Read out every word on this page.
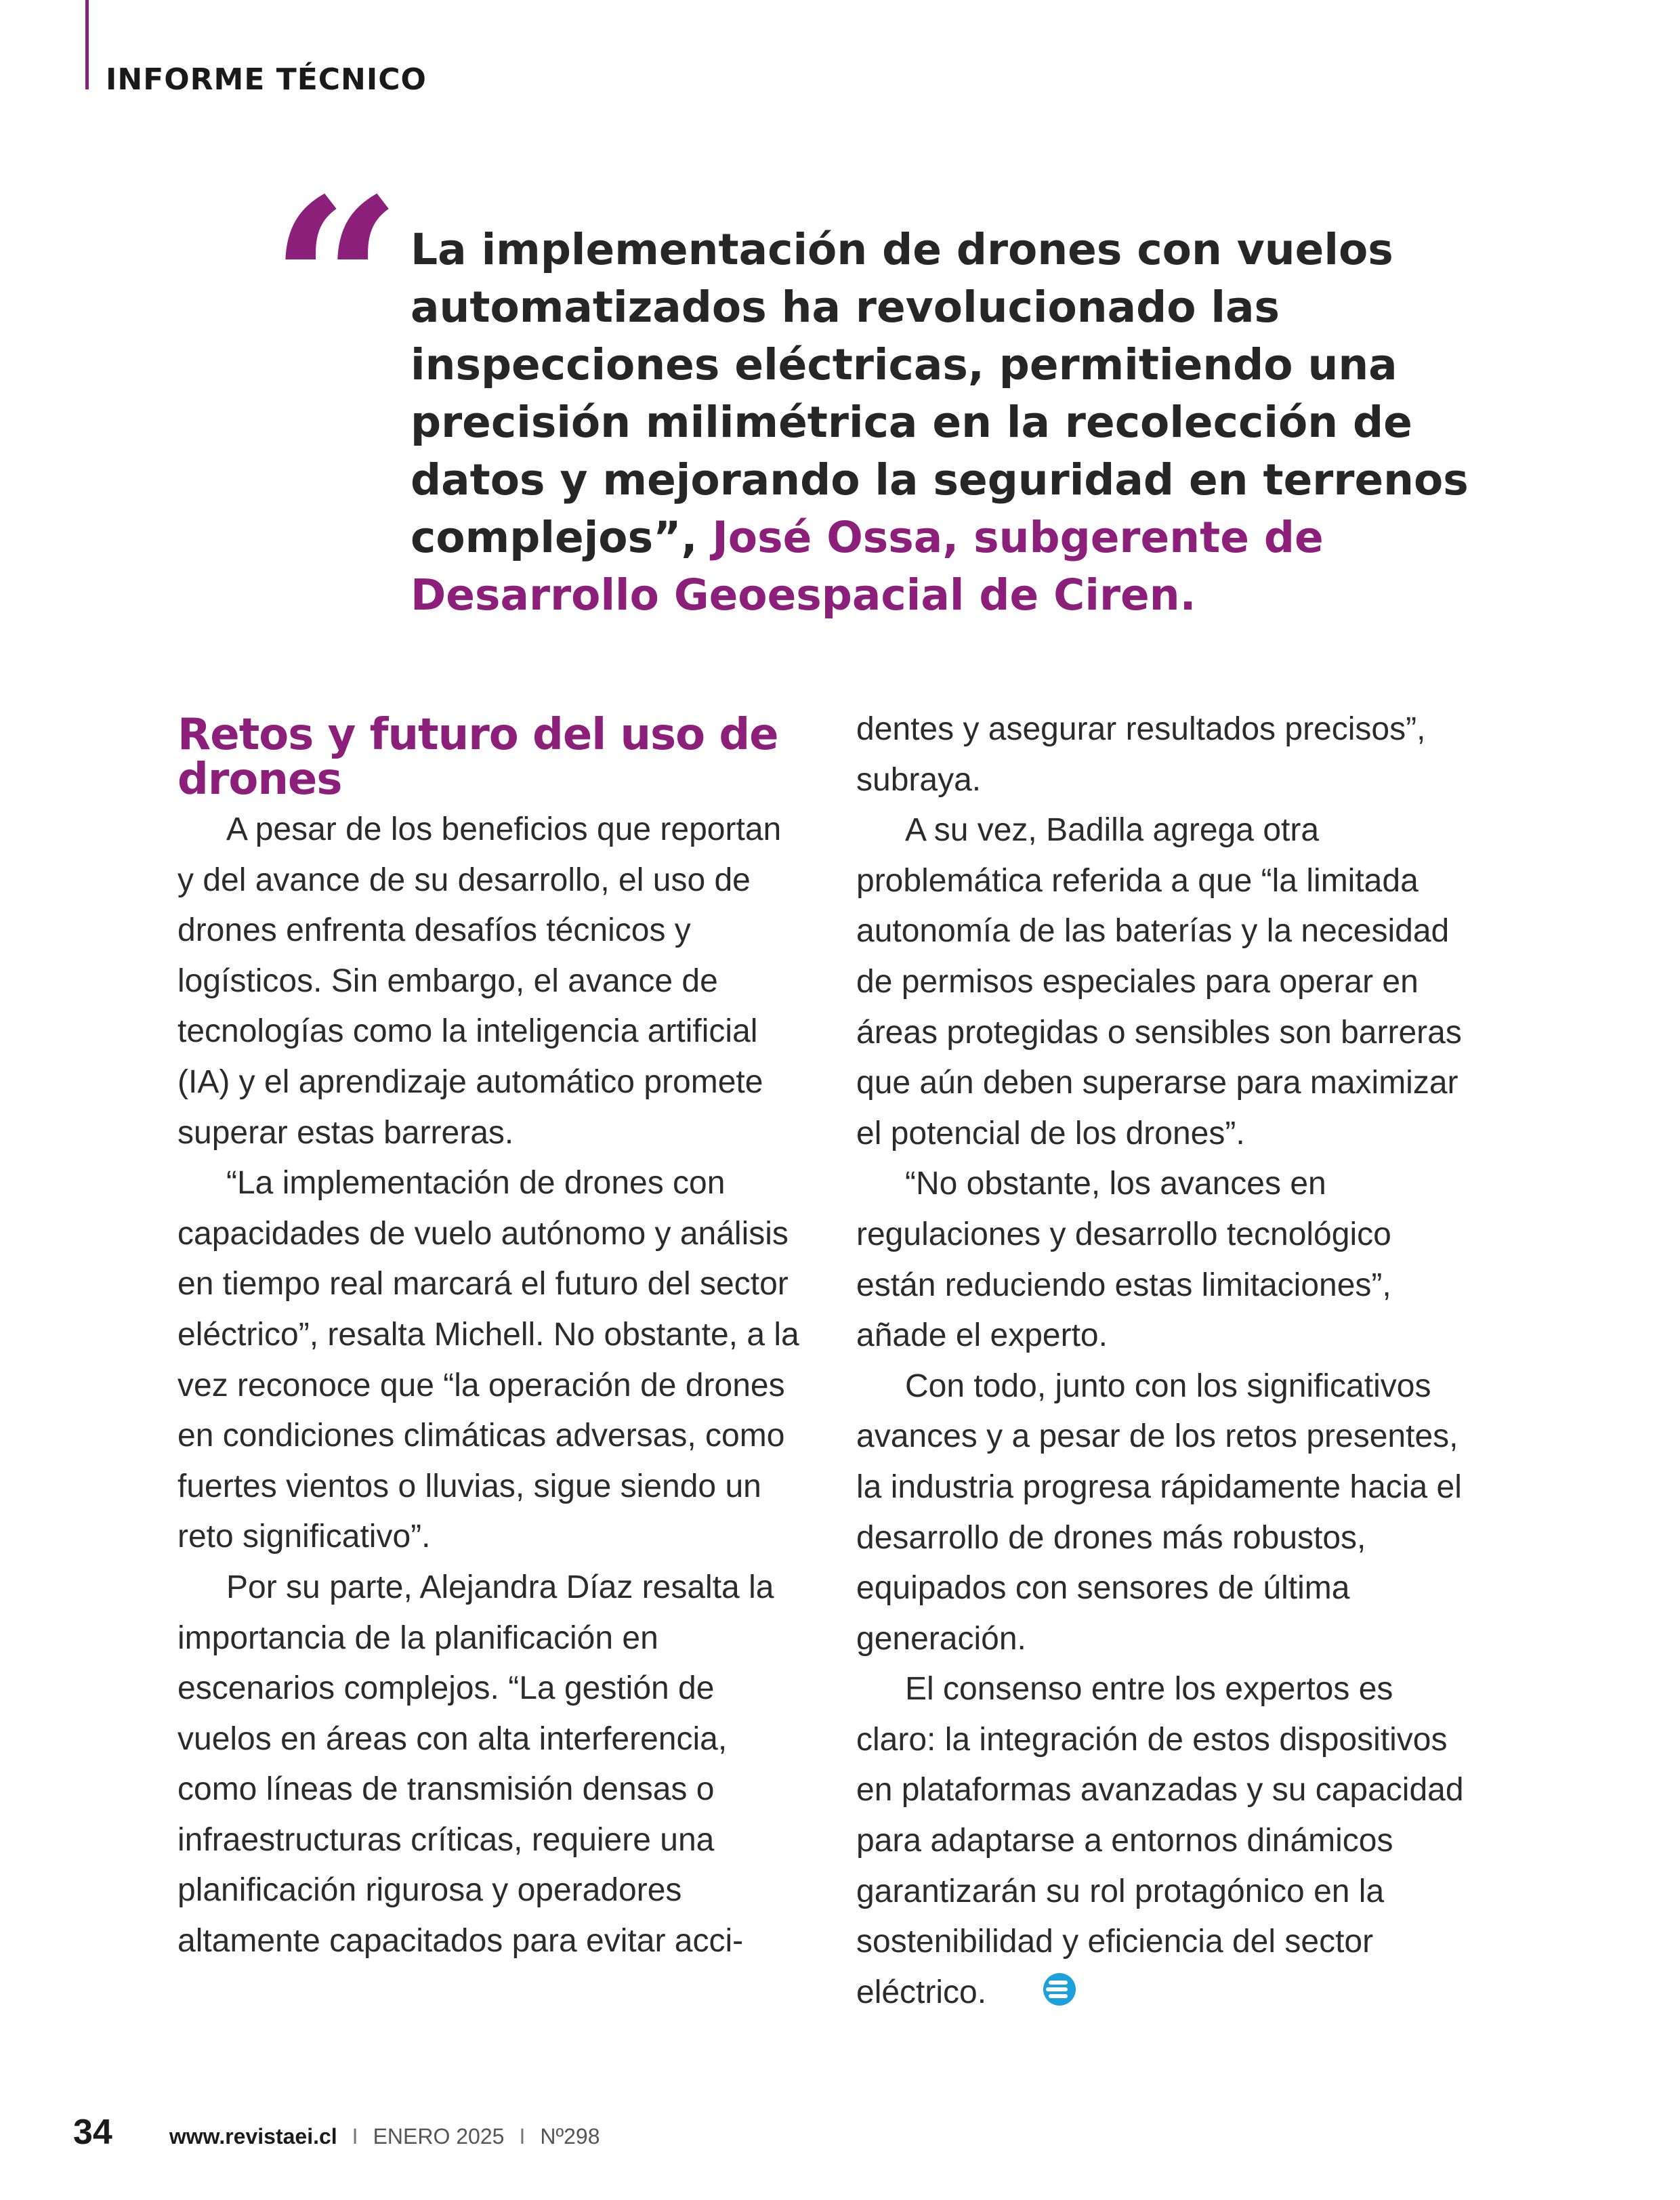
INFORME TÉCNICO
“ La implementación de drones con vuelos automatizados ha revolucionado las inspecciones eléctricas, permitiendo una precisión milimétrica en la recolección de datos y mejorando la seguridad en terrenos complejos”, José Ossa, subgerente de Desarrollo Geoespacial de Ciren.
Retos y futuro del uso de drones

A pesar de los beneficios que reportan y del avance de su desarrollo, el uso de drones enfrenta desafíos técnicos y logísticos. Sin embargo, el avance de tecnologías como la inteligencia artificial (IA) y el aprendizaje automático promete superar estas barreras.

“La implementación de drones con capacidades de vuelo autónomo y análisis en tiempo real marcará el futuro del sector eléctrico”, resalta Michell. No obstante, a la vez reconoce que “la operación de drones en condiciones climáticas adversas, como fuertes vientos o lluvias, sigue siendo un reto significativo”.

Por su parte, Alejandra Díaz resalta la importancia de la planificación en escenarios complejos. “La gestión de vuelos en áreas con alta interferencia, como líneas de transmisión densas o infraestructuras críticas, requiere una planificación rigurosa y operadores altamente capacitados para evitar acci-

dentes y asegurar resultados precisos”, subraya.

A su vez, Badilla agrega otra problemática referida a que “la limitada autonomía de las baterías y la necesidad de permisos especiales para operar en áreas protegidas o sensibles son barreras que aún deben superarse para maximizar el potencial de los drones”.

“No obstante, los avances en regulaciones y desarrollo tecnológico están reduciendo estas limitaciones”, añade el experto.

Con todo, junto con los significativos avances y a pesar de los retos presentes, la industria progresa rápidamente hacia el desarrollo de drones más robustos, equipados con sensores de última generación.

El consenso entre los expertos es claro: la integración de estos dispositivos en plataformas avanzadas y su capacidad para adaptarse a entornos dinámicos garantizarán su rol protagónico en la sostenibilidad y eficiencia del sector eléctrico.

34	www.revistaei.cl I ENERO 2025 I Nº298
